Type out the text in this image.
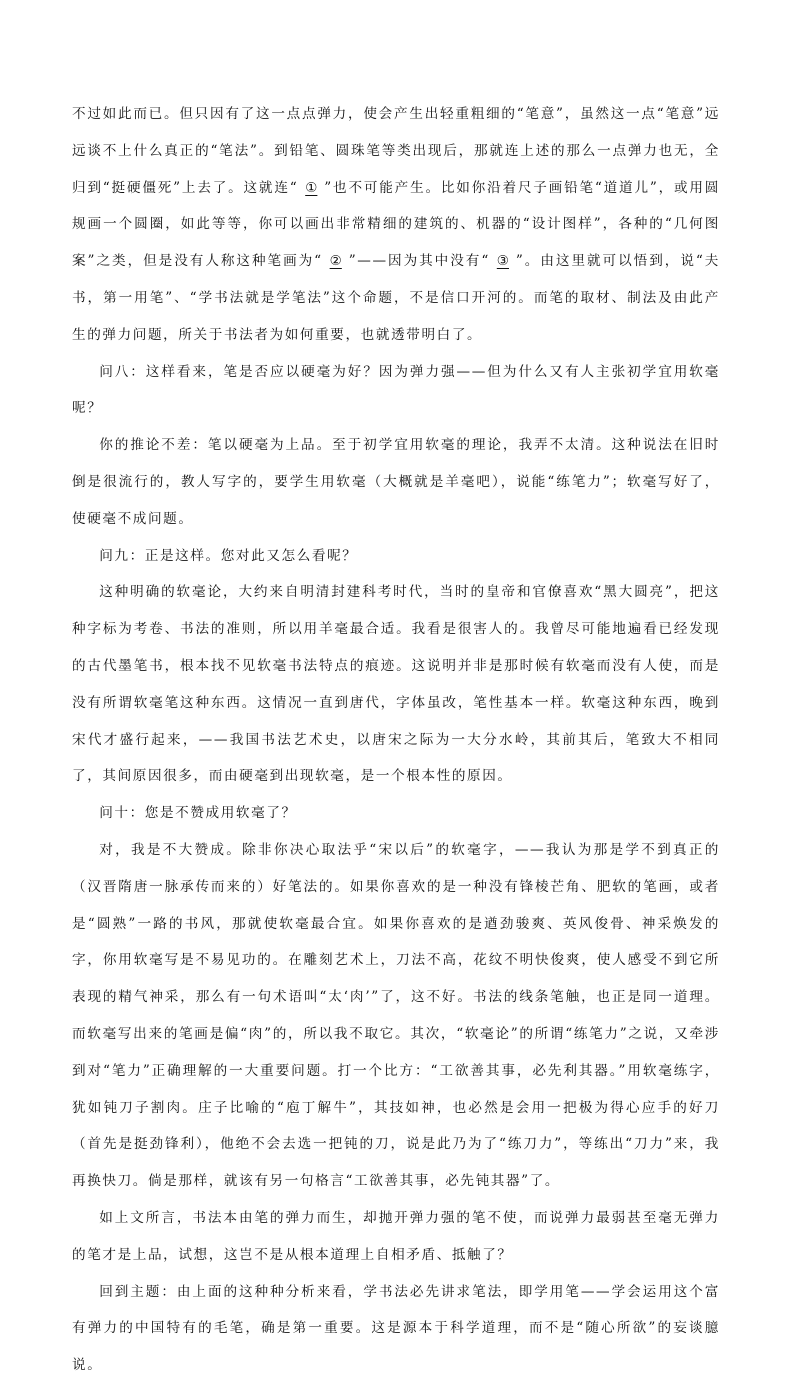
不过如此而已。但只因有了这一点点弹力，使会产生出轻重粗细的“笔意”，虽然这一点“笔意”远远谈不上什么真正的“笔法”。到铅笔、圆珠笔等类出现后，那就连上述的那么一点弹力也无，全归到“挺硬僵死”上去了。这就连“ ① ”也不可能产生。比如你沿着尺子画铅笔“道道儿”，或用圆规画一个圆圈，如此等等，你可以画出非常精细的建筑的、机器的“设计图样”，各种的“几何图案”之类，但是没有人称这种笔画为“ ② ”——因为其中没有“ ③ ”。由这里就可以悟到，说“夫书，第一用笔”、“学书法就是学笔法”这个命题，不是信口开河的。而笔的取材、制法及由此产生的弹力问题，所关于书法者为如何重要，也就透带明白了。

问八：这样看来，笔是否应以硬毫为好？因为弹力强——但为什么又有人主张初学宜用软毫呢？

你的推论不差：笔以硬毫为上品。至于初学宜用软毫的理论，我弄不太清。这种说法在旧时倒是很流行的，教人写字的，要学生用软毫（大概就是羊毫吧），说能“练笔力”；软毫写好了，使硬毫不成问题。

问九：正是这样。您对此又怎么看呢？

这种明确的软毫论，大约来自明清封建科考时代，当时的皇帝和官僚喜欢“黑大圆亮”，把这种字标为考卷、书法的准则，所以用羊毫最合适。我看是很害人的。我曾尽可能地遍看已经发现的古代墨笔书，根本找不见软毫书法特点的痕迹。这说明并非是那时候有软毫而没有人使，而是没有所谓软毫笔这种东西。这情况一直到唐代，字体虽改，笔性基本一样。软毫这种东西，晚到宋代才盛行起来，——我国书法艺术史，以唐宋之际为一大分水岭，其前其后，笔致大不相同了，其间原因很多，而由硬毫到出现软毫，是一个根本性的原因。

问十：您是不赞成用软毫了？

对，我是不大赞成。除非你决心取法乎“宋以后”的软毫字，——我认为那是学不到真正的（汉晋隋唐一脉承传而来的）好笔法的。如果你喜欢的是一种没有锋棱芒角、肥软的笔画，或者是“圆熟”一路的书风，那就使软毫最合宜。如果你喜欢的是遒劲骏爽、英风俊骨、神采焕发的字，你用软毫写是不易见功的。在雕刻艺术上，刀法不高，花纹不明快俊爽，使人感受不到它所表现的精气神采，那么有一句术语叫“太‘肉’”了，这不好。书法的线条笔触，也正是同一道理。而软毫写出来的笔画是偏“肉”的，所以我不取它。其次，“软毫论”的所谓“练笔力”之说，又牵涉到对“笔力”正确理解的一大重要问题。打一个比方：“工欲善其事，必先利其器。”用软毫练字，犹如钝刀子割肉。庄子比喻的“庖丁解牛”，其技如神，也必然是会用一把极为得心应手的好刀（首先是挺劲锋利），他绝不会去选一把钝的刀，说是此乃为了“练刀力”，等练出“刀力”来，我再换快刀。倘是那样，就该有另一句格言“工欲善其事，必先钝其器”了。

如上文所言，书法本由笔的弹力而生，却抛开弹力强的笔不使，而说弹力最弱甚至毫无弹力的笔才是上品，试想，这岂不是从根本道理上自相矛盾、抵触了？

回到主题：由上面的这种种分析来看，学书法必先讲求笔法，即学用笔——学会运用这个富有弹力的中国特有的毛笔，确是第一重要。这是源本于科学道理，而不是“随心所欲”的妄谈臆说。
